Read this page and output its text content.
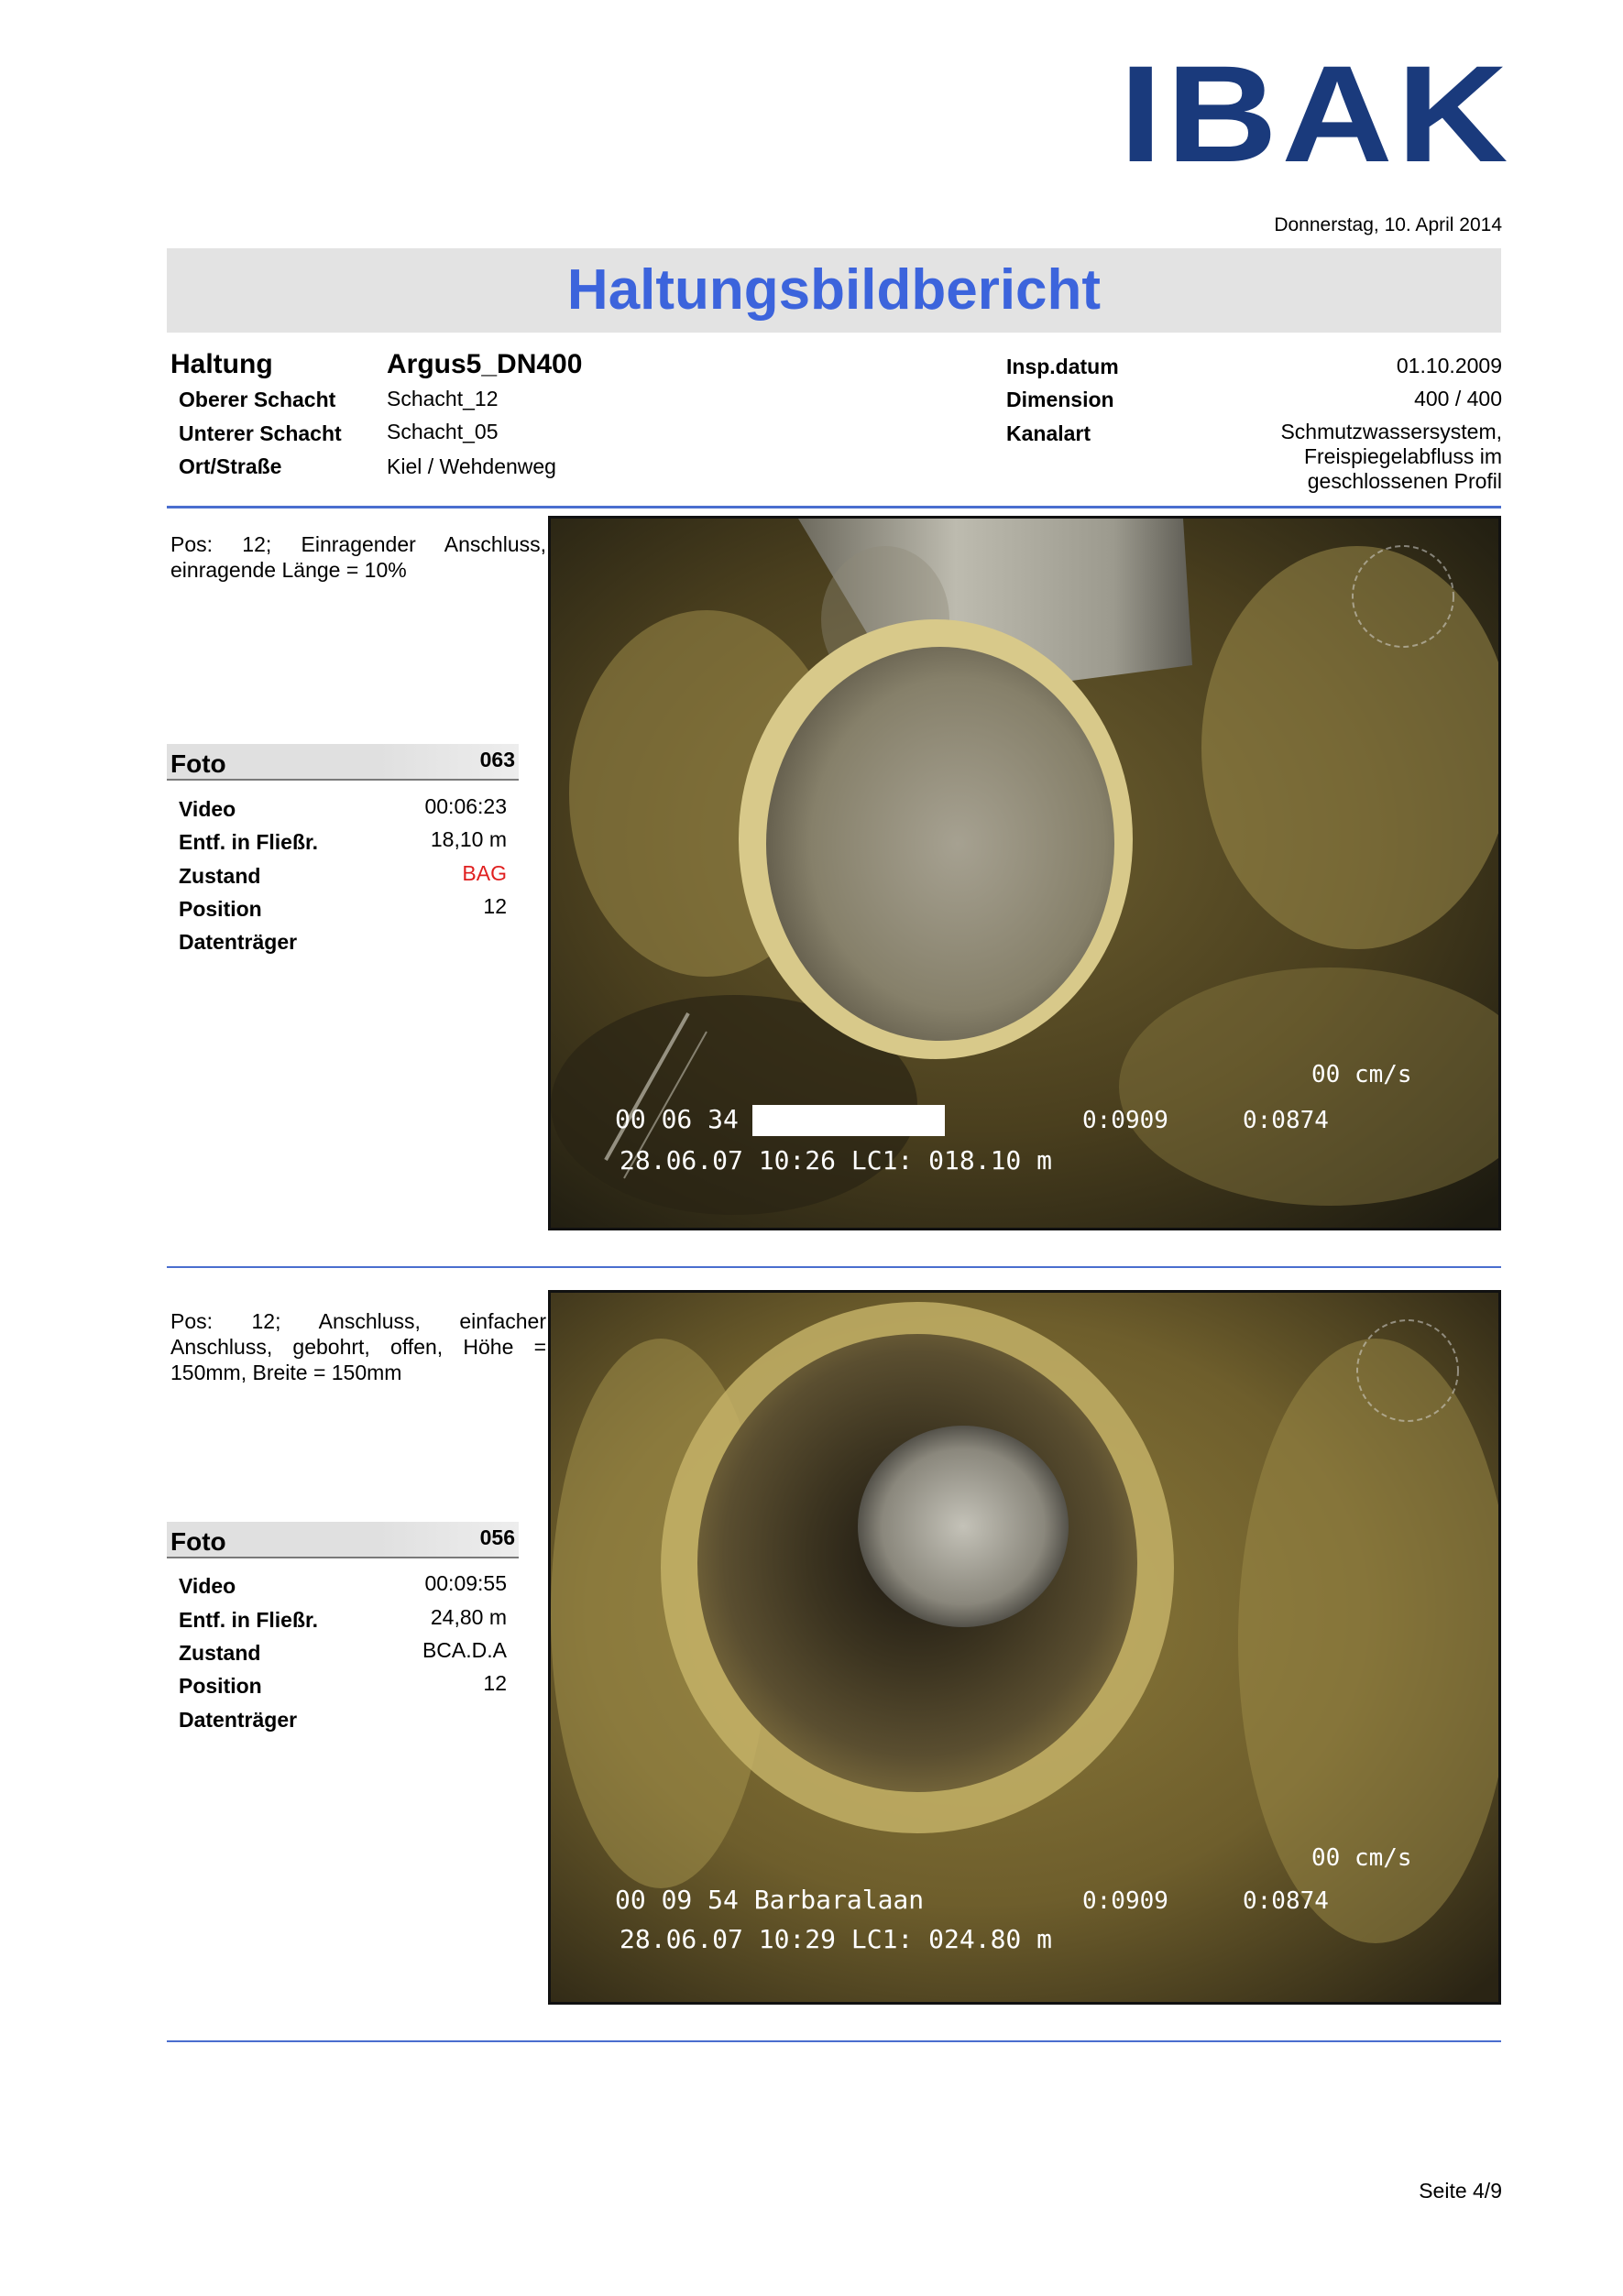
IBAK
Donnerstag, 10. April 2014
Haltungsbildbericht
Haltung	Argus5_DN400
Oberer Schacht Schacht_12
Unterer Schacht Schacht_05
Ort/Straße	Kiel / Wehdenweg
Insp.datum	01.10.2009
Dimension	400 / 400
Kanalart	Schmutzwassersystem,
Freispiegelabfluss im
geschlossenen Profil
Pos: 12; Einragender Anschluss, einragende Länge = 10%
Foto	063
Video	00:06:23
Entf. in Fließr.	18,10 m
Zustand	BAG
Position	12
Datenträger
00 cm/s
00 06 34	0:0909	0:0874
28.06.07 10:26 LC1: 018.10 m
Pos: 12; Anschluss, einfacher Anschluss, gebohrt, offen, Höhe = 150mm, Breite = 150mm
Foto	056
Video	00:09:55
Entf. in Fließr.	24,80 m
Zustand	BCA.D.A
Position	12
Datenträger
00 cm/s
00 09 54 Barbaralaan	0:0909	0:0874
28.06.07 10:29 LC1: 024.80 m
Seite 4/9
